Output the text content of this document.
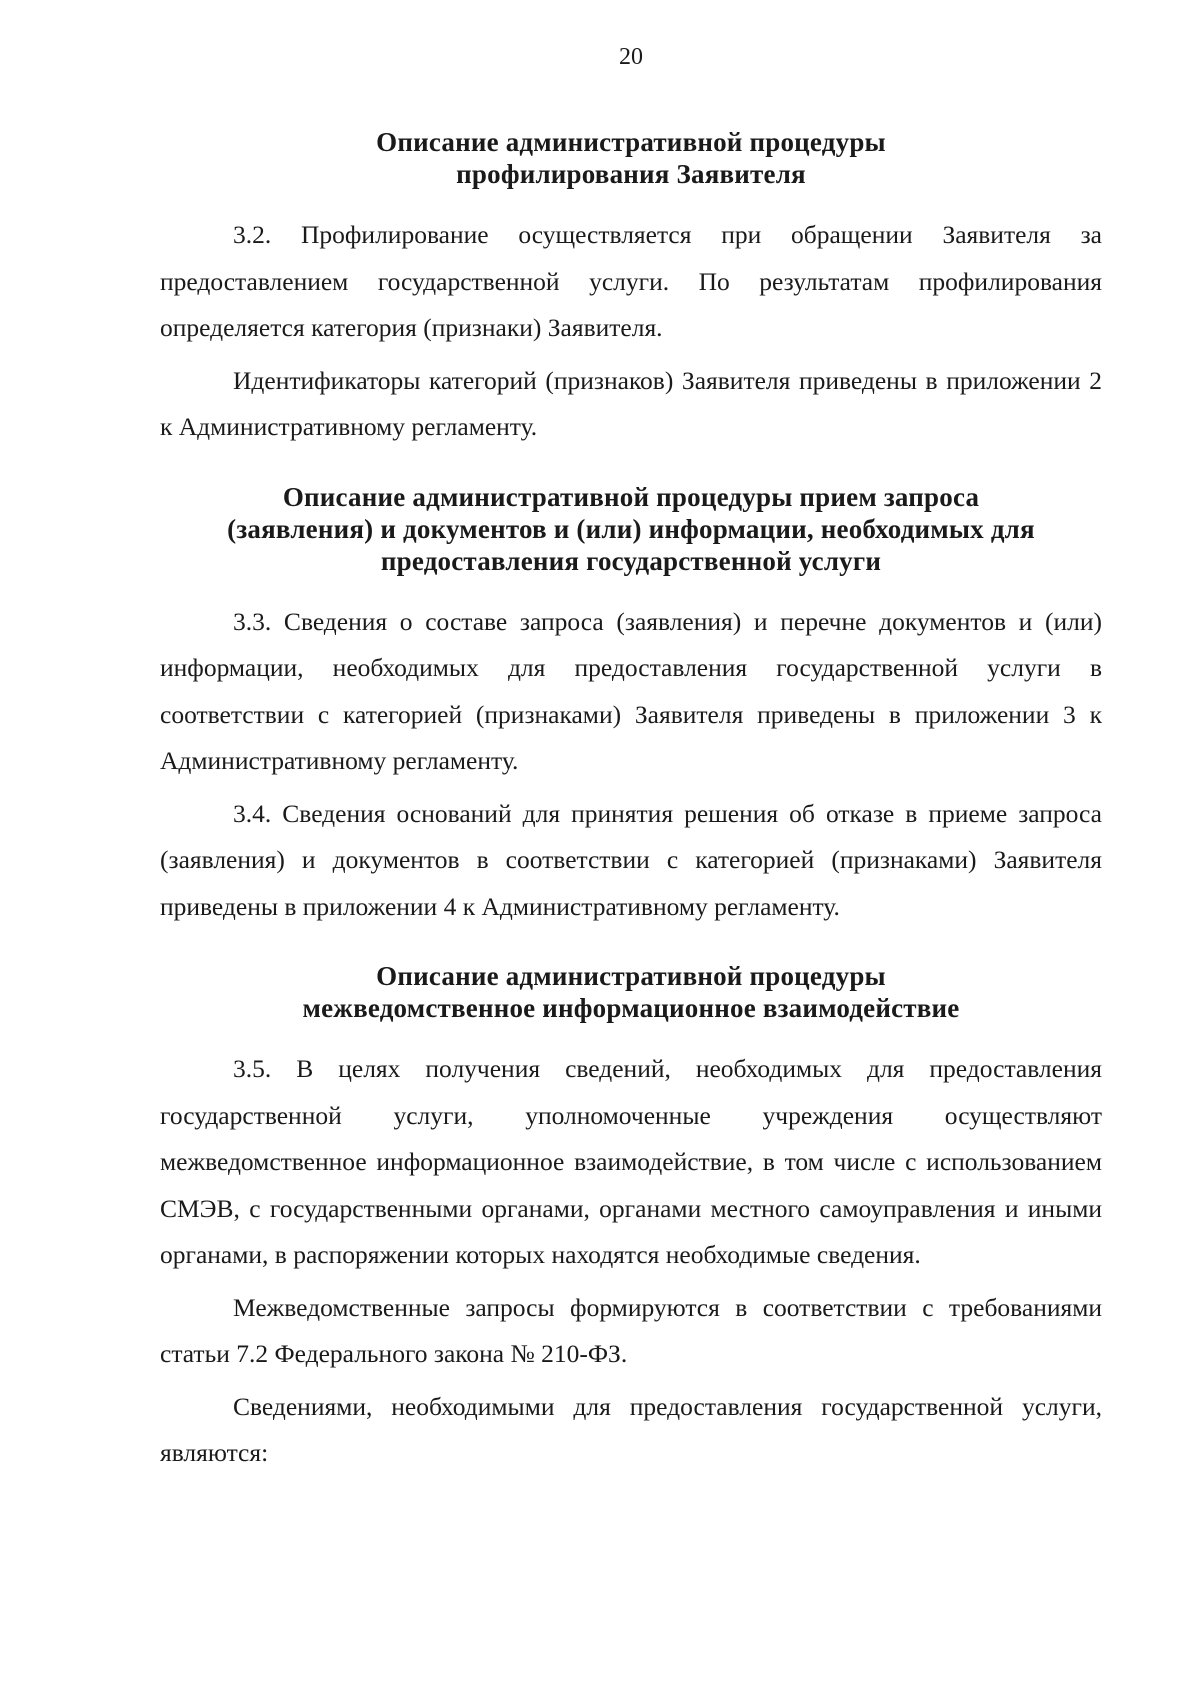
20
Описание административной процедуры
профилирования Заявителя

3.2. Профилирование осуществляется при обращении Заявителя за предоставлением государственной услуги. По результатам профилирования определяется категория (признаки) Заявителя.

Идентификаторы категорий (признаков) Заявителя приведены в приложении 2 к Административному регламенту.

Описание административной процедуры прием запроса
(заявления) и документов и (или) информации, необходимых для
предоставления государственной услуги

3.3. Сведения о составе запроса (заявления) и перечне документов и (или) информации, необходимых для предоставления государственной услуги в соответствии с категорией (признаками) Заявителя приведены в приложении 3 к Административному регламенту.

3.4. Сведения оснований для принятия решения об отказе в приеме запроса (заявления) и документов в соответствии с категорией (признаками) Заявителя приведены в приложении 4 к Административному регламенту.

Описание административной процедуры
межведомственное информационное взаимодействие

3.5. В целях получения сведений, необходимых для предоставления государственной услуги, уполномоченные учреждения осуществляют межведомственное информационное взаимодействие, в том числе с использованием СМЭВ, с государственными органами, органами местного самоуправления и иными органами, в распоряжении которых находятся необходимые сведения.

Межведомственные запросы формируются в соответствии с требованиями статьи 7.2 Федерального закона № 210-ФЗ.

Сведениями, необходимыми для предоставления государственной услуги, являются:
